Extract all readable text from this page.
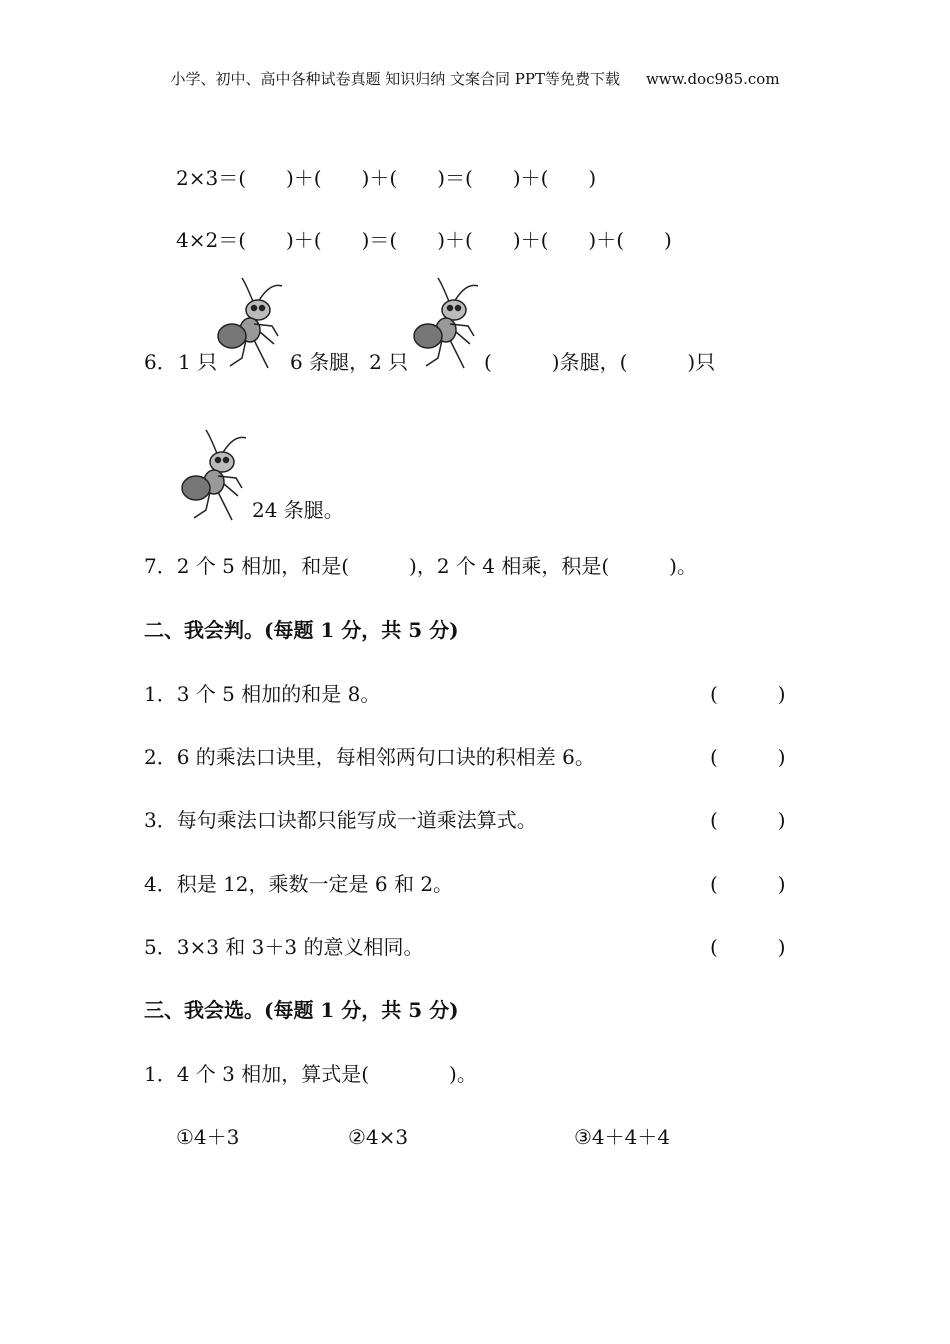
小学、初中、高中各种试卷真题 知识归纳 文案合同 PPT等免费下载 www.doc985.com
2×3＝(　　)＋(　　)＋(　　)＝(　　)＋(　　)
4×2＝(　　)＋(　　)＝(　　)＋(　　)＋(　　)＋(　　)
6． 1 只	6 条腿，2 只	(　　　)条腿，(　　　)只
24 条腿。
7．2 个 5 相加，和是(　　　)，2 个 4 相乘，积是(　　　)。
二、我会判。(每题 1 分，共 5 分)
1．3 个 5 相加的和是 8。	(　　　)
2．6 的乘法口诀里，每相邻两句口诀的积相差 6。	(　　　)
3．每句乘法口诀都只能写成一道乘法算式。	(　　　)
4．积是 12，乘数一定是 6 和 2。	(　　　)
5．3×3 和 3＋3 的意义相同。	(　　　)
三、我会选。(每题 1 分，共 5 分)
1．4 个 3 相加，算式是(　　　　)。
①4＋3	②4×3	③4＋4＋4
